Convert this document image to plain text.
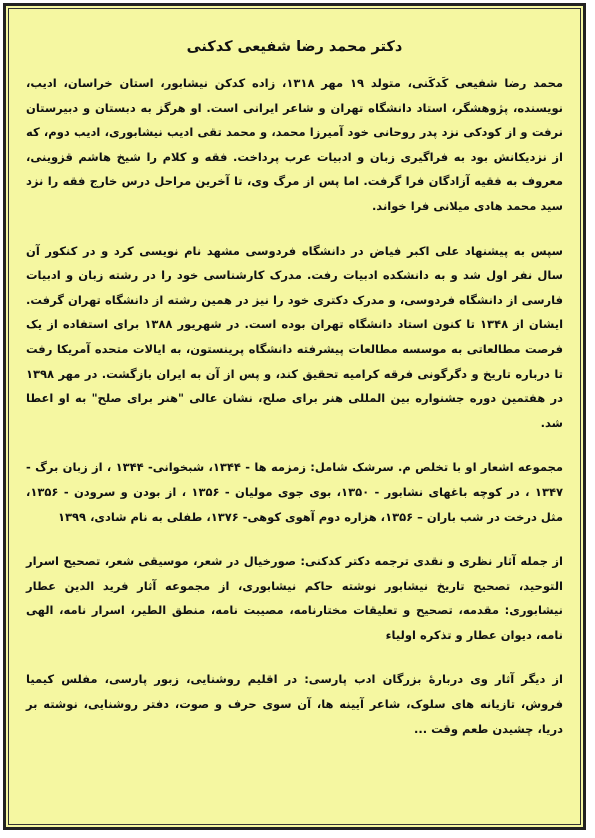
دکتر محمد رضا شفیعی کدکنی

محمد رضا شفیعی کَدکَنی، متولد ۱۹ مهر ۱۳۱۸، زاده کدکن نیشابور، استان خراسان، ادیب، نویسنده، پژوهشگر، استاد دانشگاه تهران و شاعر ایرانی است. او هرگز به دبستان و دبیرستان نرفت و از کودکی نزد پدر روحانی خود آمیرزا محمد، و محمد تقی ادیب نیشابوری، ادیب دوم، که از نزدیکانش بود به فراگیری زبان و ادبیات عرب پرداخت. فقه و کلام را شیخ هاشم قزوینی، معروف به فقیه آزادگان فرا گرفت. اما پس از مرگ وی، تا آخرین مراحل درس خارج فقه را نزد سید محمد هادی میلانی فرا خواند.

سپس به پیشنهاد علی اکبر فیاض در دانشگاه فردوسی مشهد نام نویسی کرد و در کنکور آن سال نفر اول شد و به دانشکده ادبیات رفت. مدرک کارشناسی خود را در رشته زبان و ادبیات فارسی از دانشگاه فردوسی، و مدرک دکتری خود را نیز در همین رشته از دانشگاه تهران گرفت. ایشان از ۱۳۴۸ تا کنون استاد دانشگاه تهران بوده است. در شهریور ۱۳۸۸ برای استفاده از یک فرصت مطالعاتی به موسسه مطالعات پیشرفته دانشگاه پرینستون، به ایالات متحده آمریکا رفت تا درباره تاریخ و دگرگونی فرقه کرامیه تحقیق کند، و پس از آن به ایران بازگشت. در مهر ۱۳۹۸ در هفتمین دوره جشنواره بین المللی هنر برای صلح، نشان عالی "هنر برای صلح" به او اعطا شد.

مجموعه اشعار او با تخلص م. سرشک شامل: زمزمه ها - ۱۳۴۴، شبخوانی- ۱۳۴۴ ، از زبان برگ - ۱۳۴۷ ، در کوچه باغهای نشابور - ۱۳۵۰، بوی جوی مولیان - ۱۳۵۶ ، از بودن و سرودن - ۱۳۵۶، مثل درخت در شب باران – ۱۳۵۶، هزاره دوم آهوی کوهی- ۱۳۷۶، طفلی به نام شادی، ۱۳۹۹

از جمله آثار نظری و نقدی ترجمه دکتر کدکنی: صورخیال در شعر، موسیقی شعر، تصحیح اسرار التوحید، تصحیح تاریخ نیشابور نوشته حاکم نیشابوری، از مجموعه آثار فرید الدین عطار نیشابوری: مقدمه، تصحیح و تعلیقات مختارنامه، مصیبت نامه، منطق الطیر، اسرار نامه، الهی نامه، دیوان عطار و تذکره اولیاء

از دیگر آثار وی دربارۀ بزرگان ادب پارسی: در اقلیم روشنایی، زبور پارسی، مفلس کیمیا فروش، تازیانه های سلوک، شاعر آیینه ها، آن سوی حرف و صوت، دفتر روشنایی، نوشته بر دریا، چشیدن طعم وقت ...
